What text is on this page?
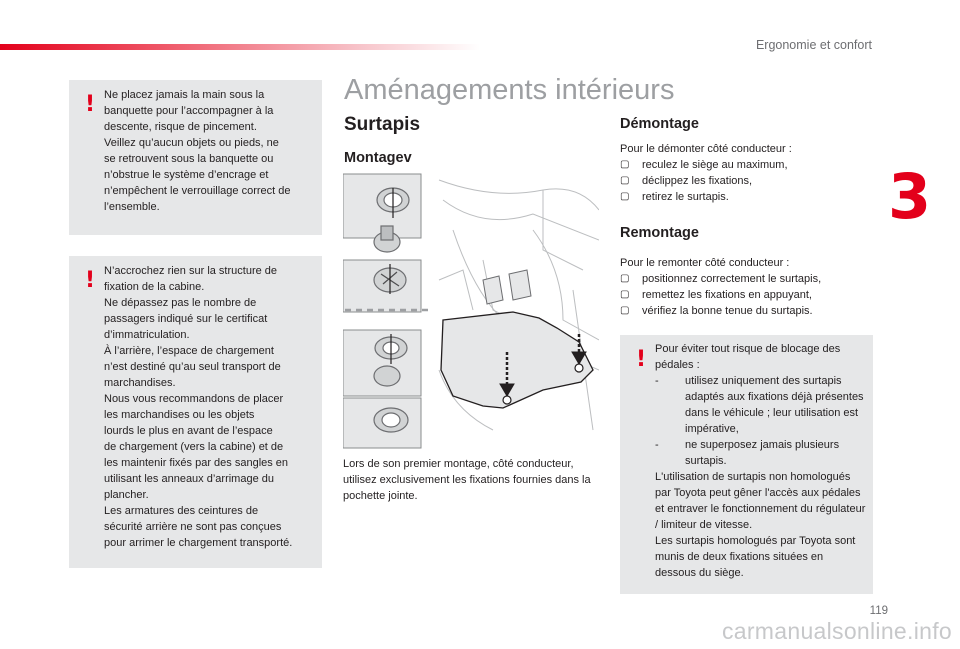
Ergonomie et confort
3
119
! Ne placez jamais la main sous la
banquette pour l’accompagner à la
descente, risque de pincement.
Veillez qu’aucun objets ou pieds, ne
se retrouvent sous la banquette ou
n’obstrue le système d’encrage et
n’empêchent le verrouillage correct de
l’ensemble.

! N’accrochez rien sur la structure de
fixation de la cabine.
Ne dépassez pas le nombre de
passagers indiqué sur le certificat
d’immatriculation.
À l’arrière, l’espace de chargement
n’est destiné qu’au seul transport de
marchandises.
Nous vous recommandons de placer
les marchandises ou les objets
lourds le plus en avant de l’espace
de chargement (vers la cabine) et de
les maintenir fixés par des sangles en
utilisant les anneaux d’arrimage du
plancher.
Les armatures des ceintures de
sécurité arrière ne sont pas conçues
pour arrimer le chargement transporté.

Aménagements intérieurs
Surtapis
Montagev

Lors de son premier montage, côté conducteur, utilisez exclusivement les fixations fournies dans la pochette jointe.

Démontage
Pour le démonter côté conducteur :
▢ reculez le siège au maximum,
▢ déclippez les fixations,
▢ retirez le surtapis.
Remontage
Pour le remonter côté conducteur :
▢ positionnez correctement le surtapis,
▢ remettez les fixations en appuyant,
▢ vérifiez la bonne tenue du surtapis.
! Pour éviter tout risque de blocage des pédales :
- utilisez uniquement des surtapis adaptés aux fixations déjà présentes dans le véhicule ; leur utilisation est impérative,
- ne superposez jamais plusieurs surtapis.
L'utilisation de surtapis non homologués par Toyota peut gêner l'accès aux pédales et entraver le fonctionnement du régulateur / limiteur de vitesse.
Les surtapis homologués par Toyota sont munis de deux fixations situées en dessous du siège.
carmanualsonline.info
